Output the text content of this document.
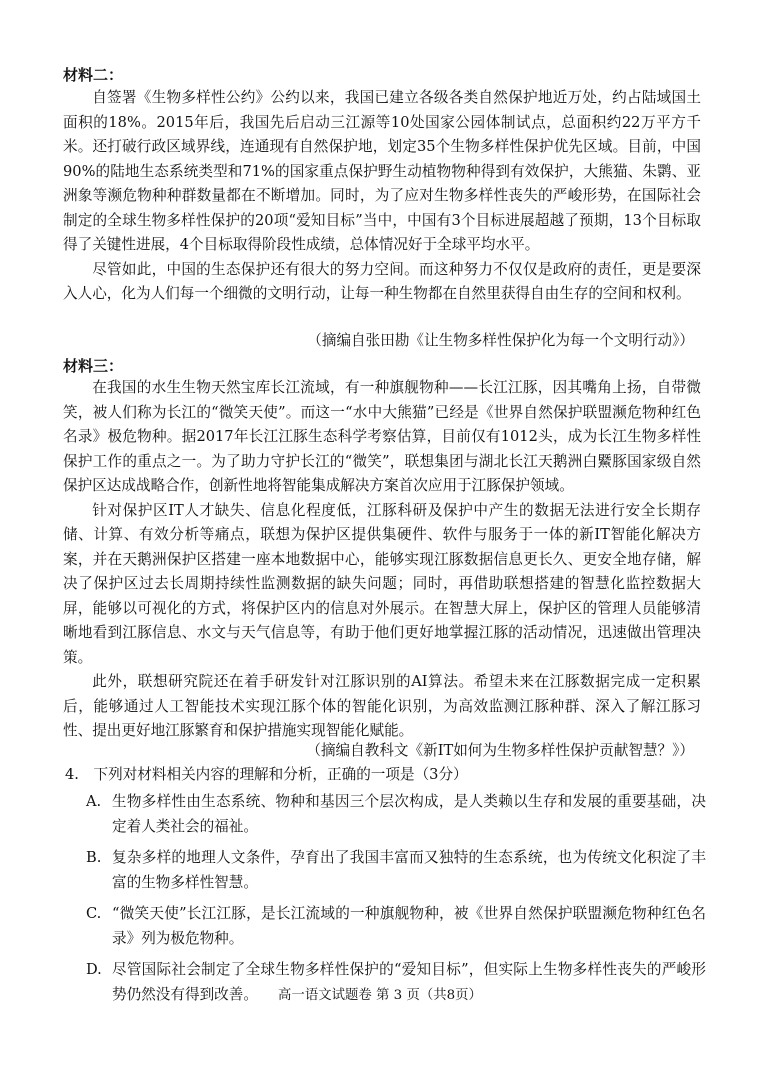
材料二：

自签署《生物多样性公约》公约以来，我国已建立各级各类自然保护地近万处，约占陆域国土面积的18%。2015年后，我国先后启动三江源等10处国家公园体制试点，总面积约22万平方千米。还打破行政区域界线，连通现有自然保护地，划定35个生物多样性保护优先区域。目前，中国90%的陆地生态系统类型和71%的国家重点保护野生动植物物种得到有效保护，大熊猫、朱鹮、亚洲象等濒危物种种群数量都在不断增加。同时，为了应对生物多样性丧失的严峻形势，在国际社会制定的全球生物多样性保护的20项“爱知目标”当中，中国有3个目标进展超越了预期，13个目标取得了关键性进展，4个目标取得阶段性成绩，总体情况好于全球平均水平。

尽管如此，中国的生态保护还有很大的努力空间。而这种努力不仅仅是政府的责任，更是要深入人心，化为人们每一个细微的文明行动，让每一种生物都在自然里获得自由生存的空间和权利。

（摘编自张田勘《让生物多样性保护化为每一个文明行动》）
材料三：

在我国的水生生物天然宝库长江流域，有一种旗舰物种——长江江豚，因其嘴角上扬，自带微笑，被人们称为长江的“微笑天使”。而这一“水中大熊猫”已经是《世界自然保护联盟濒危物种红色名录》极危物种。据2017年长江江豚生态科学考察估算，目前仅有1012头，成为长江生物多样性保护工作的重点之一。为了助力守护长江的“微笑”，联想集团与湖北长江天鹅洲白鱀豚国家级自然保护区达成战略合作，创新性地将智能集成解决方案首次应用于江豚保护领域。

针对保护区IT人才缺失、信息化程度低，江豚科研及保护中产生的数据无法进行安全长期存储、计算、有效分析等痛点，联想为保护区提供集硬件、软件与服务于一体的新IT智能化解决方案，并在天鹅洲保护区搭建一座本地数据中心，能够实现江豚数据信息更长久、更安全地存储，解决了保护区过去长周期持续性监测数据的缺失问题；同时，再借助联想搭建的智慧化监控数据大屏，能够以可视化的方式，将保护区内的信息对外展示。在智慧大屏上，保护区的管理人员能够清晰地看到江豚信息、水文与天气信息等，有助于他们更好地掌握江豚的活动情况，迅速做出管理决策。

此外，联想研究院还在着手研发针对江豚识别的AI算法。希望未来在江豚数据完成一定积累后，能够通过人工智能技术实现江豚个体的智能化识别，为高效监测江豚种群、深入了解江豚习性、提出更好地江豚繁育和保护措施实现智能化赋能。

（摘编自教科文《新IT如何为生物多样性保护贡献智慧？》）
4.　下列对材料相关内容的理解和分析，正确的一项是（3分）
A. 生物多样性由生态系统、物种和基因三个层次构成，是人类赖以生存和发展的重要基础，决定着人类社会的福祉。
B. 复杂多样的地理人文条件，孕育出了我国丰富而又独特的生态系统，也为传统文化积淀了丰富的生物多样性智慧。
C. “微笑天使”长江江豚，是长江流域的一种旗舰物种，被《世界自然保护联盟濒危物种红色名录》列为极危物种。
D. 尽管国际社会制定了全球生物多样性保护的“爱知目标”，但实际上生物多样性丧失的严峻形势仍然没有得到改善。	高一语文试题卷 第 3 页（共8页）
